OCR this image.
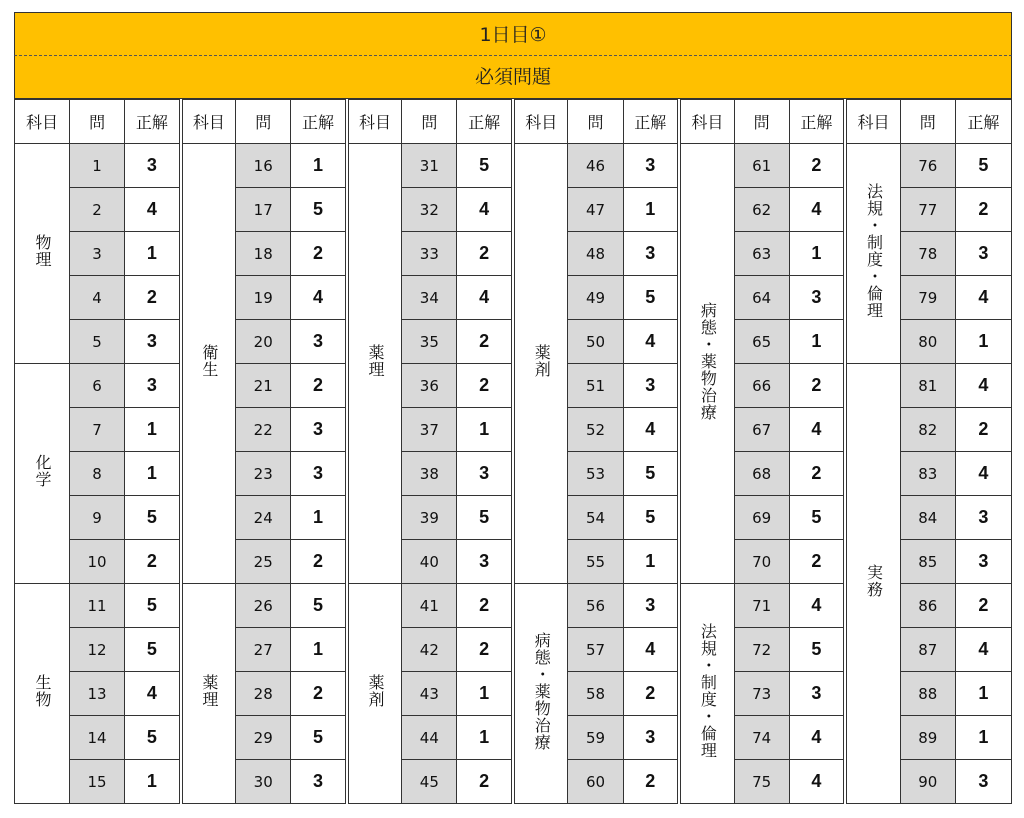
1日目①
必須問題
科目	問	正解	科目	問	正解	科目	問	正解	科目	問	正解	科目	問	正解	科目	問	正解
物理	1	3	衛生	16	1	薬理	31	5	薬剤	46	3	病態・薬物治療	61	2	法規・制度・倫理	76	5
	2	4		17	5		32	4		47	1		62	4		77	2
	3	1		18	2		33	2		48	3		63	1		78	3
	4	2		19	4		34	4		49	5		64	3		79	4
	5	3		20	3		35	2		50	4		65	1		80	1
化学	6	3		21	2		36	2		51	3		66	2	実務	81	4
	7	1		22	3		37	1		52	4		67	4		82	2
	8	1		23	3		38	3		53	5		68	2		83	4
	9	5		24	1		39	5		54	5		69	5		84	3
	10	2		25	2		40	3		55	1		70	2		85	3
生物	11	5	薬理	26	5	薬剤	41	2	病態・薬物治療	56	3	法規・制度・倫理	71	4		86	2
	12	5		27	1		42	2		57	4		72	5		87	4
	13	4		28	2		43	1		58	2		73	3		88	1
	14	5		29	5		44	1		59	3		74	4		89	1
	15	1		30	3		45	2		60	2		75	4		90	3
